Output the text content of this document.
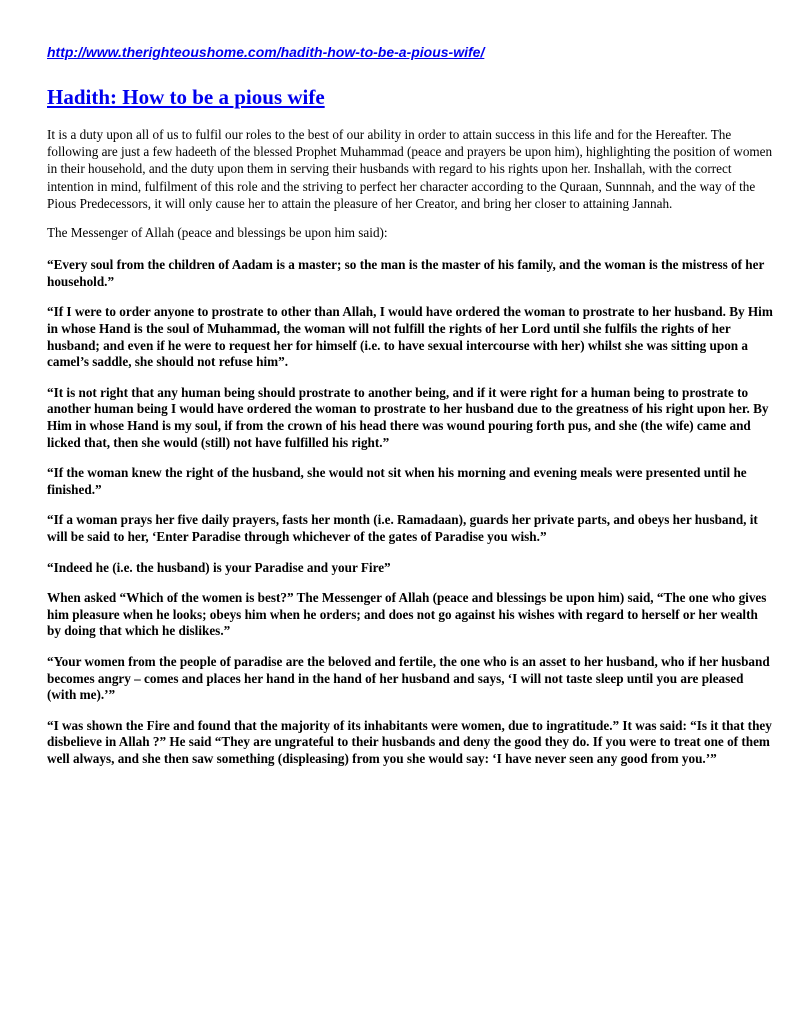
http://www.therighteoushome.com/hadith-how-to-be-a-pious-wife/
Hadith: How to be a pious wife

It is a duty upon all of us to fulfil our roles to the best of our ability in order to attain success in this life and for the Hereafter. The following are just a few hadeeth of the blessed Prophet Muhammad (peace and prayers be upon him), highlighting the position of women in their household, and the duty upon them in serving their husbands with regard to his rights upon her. Inshallah, with the correct intention in mind, fulfilment of this role and the striving to perfect her character according to the Quraan, Sunnnah, and the way of the Pious Predecessors, it will only cause her to attain the pleasure of her Creator, and bring her closer to attaining Jannah.

The Messenger of Allah (peace and blessings be upon him said):

“Every soul from the children of Aadam is a master; so the man is the master of his family, and the woman is the mistress of her household.”

“If I were to order anyone to prostrate to other than Allah, I would have ordered the woman to prostrate to her husband. By Him in whose Hand is the soul of Muhammad, the woman will not fulfill the rights of her Lord until she fulfils the rights of her husband; and even if he were to request her for himself (i.e. to have sexual intercourse with her) whilst she was sitting upon a camel’s saddle, she should not refuse him”.

“It is not right that any human being should prostrate to another being, and if it were right for a human being to prostrate to another human being I would have ordered the woman to prostrate to her husband due to the greatness of his right upon her. By Him in whose Hand is my soul, if from the crown of his head there was wound pouring forth pus, and she (the wife) came and licked that, then she would (still) not have fulfilled his right.”

“If the woman knew the right of the husband, she would not sit when his morning and evening meals were presented until he finished.”

“If a woman prays her five daily prayers, fasts her month (i.e. Ramadaan), guards her private parts, and obeys her husband, it will be said to her, ‘Enter Paradise through whichever of the gates of Paradise you wish.”

“Indeed he (i.e. the husband) is your Paradise and your Fire”

When asked “Which of the women is best?” The Messenger of Allah (peace and blessings be upon him) said, “The one who gives him pleasure when he looks; obeys him when he orders; and does not go against his wishes with regard to herself or her wealth by doing that which he dislikes.”

“Your women from the people of paradise are the beloved and fertile, the one who is an asset to her husband, who if her husband becomes angry – comes and places her hand in the hand of her husband and says, ‘I will not taste sleep until you are pleased (with me).’”

“I was shown the Fire and found that the majority of its inhabitants were women, due to ingratitude.” It was said: “Is it that they disbelieve in Allah ?” He said “They are ungrateful to their husbands and deny the good they do. If you were to treat one of them well always, and she then saw something (displeasing) from you she would say: ‘I have never seen any good from you.’”
